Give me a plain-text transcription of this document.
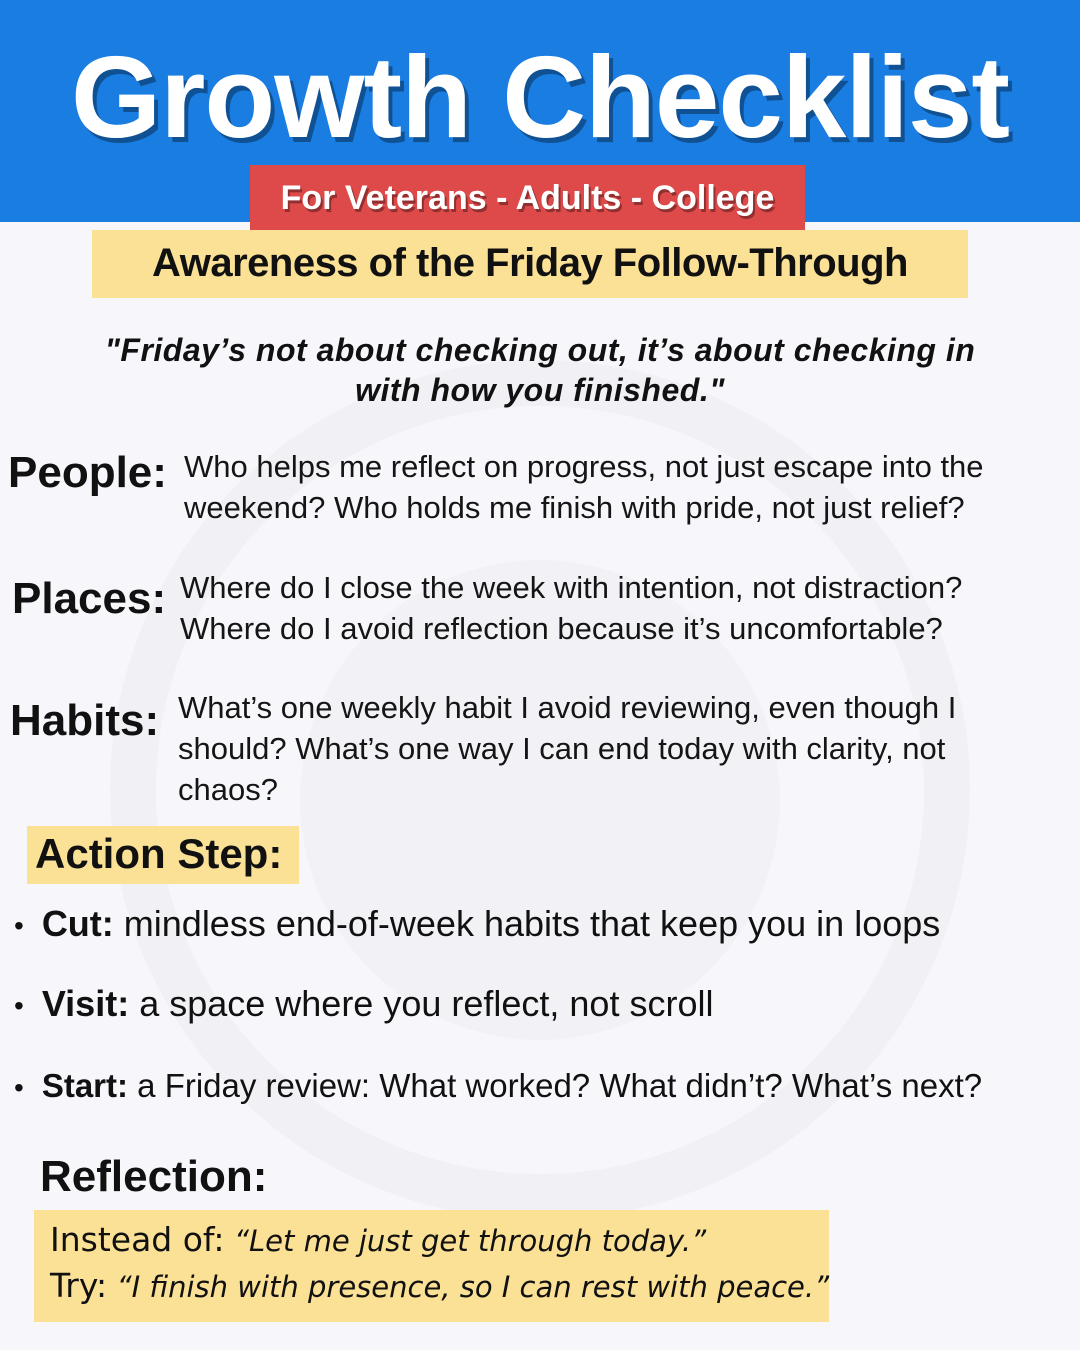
Growth Checklist
For Veterans - Adults - College
Awareness of the Friday Follow-Through
"Friday’s not about checking out, it’s about checking in
with how you finished."
People: Who helps me reflect on progress, not just escape into the
weekend? Who holds me finish with pride, not just relief?
Places: Where do I close the week with intention, not distraction?
Where do I avoid reflection because it’s uncomfortable?
Habits: What’s one weekly habit I avoid reviewing, even though I
should? What’s one way I can end today with clarity, not
chaos?
Action Step:
• Cut: mindless end-of-week habits that keep you in loops
• Visit: a space where you reflect, not scroll
• Start: a Friday review: What worked? What didn’t? What’s next?
Reflection:
Instead of: “Let me just get through today.”
Try: “I finish with presence, so I can rest with peace.”
